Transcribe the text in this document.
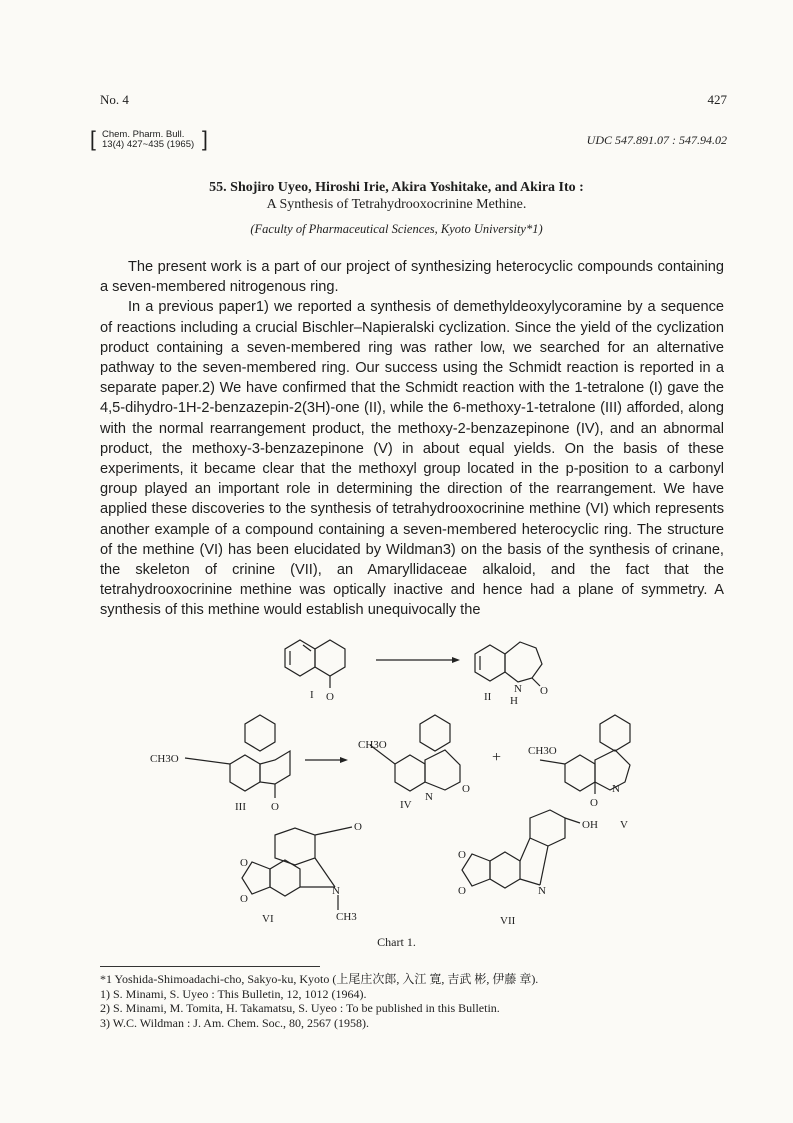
No. 4	427
[ Chem. Pharm. Bull.
13(4) 427~435 (1965) ]	UDC 547.891.07 : 547.94.02
55. Shojiro Uyeo, Hiroshi Irie, Akira Yoshitake, and Akira Ito :
A Synthesis of Tetrahydrooxocrinine Methine.
(Faculty of Pharmaceutical Sciences, Kyoto University*1)

The present work is a part of our project of synthesizing heterocyclic compounds containing a seven-membered nitrogenous ring.

In a previous paper1) we reported a synthesis of demethyldeoxylycoramine by a sequence of reactions including a crucial Bischler–Napieralski cyclization. Since the yield of the cyclization product containing a seven-membered ring was rather low, we searched for an alternative pathway to the seven-membered ring. Our success using the Schmidt reaction is reported in a separate paper.2) We have confirmed that the Schmidt reaction with the 1-tetralone (I) gave the 4,5-dihydro-1H-2-benzazepin-2(3H)-one (II), while the 6-methoxy-1-tetralone (III) afforded, along with the normal rearrangement product, the methoxy-2-benzazepinone (IV), and an abnormal product, the methoxy-3-benzazepinone (V) in about equal yields. On the basis of these experiments, it became clear that the methoxyl group located in the p-position to a carbonyl group played an important role in determining the direction of the rearrangement. We have applied these discoveries to the synthesis of tetrahydrooxocrinine methine (VI) which represents another example of a compound containing a seven-membered heterocyclic ring. The structure of the methine (VI) has been elucidated by Wildman3) on the basis of the synthesis of crinane, the skeleton of crinine (VII), an Amaryllidaceae alkaloid, and the fact that the tetrahydrooxocrinine methine was optically inactive and hence had a plane of symmetry. A synthesis of this methine would establish unequivocally the

O
I	N
H
O
II
CH3O
O
III
CH3O
N
O
IV
+ CH3O
N
O
V
O
N
CH3
O
O
VI
OH
N
O
O
VII
Chart 1.
*1 Yoshida-Shimoadachi-cho, Sakyo-ku, Kyoto (上尾庄次郎, 入江 寛, 吉武 彬, 伊藤 章).
1) S. Minami, S. Uyeo : This Bulletin, 12, 1012 (1964).
2) S. Minami, M. Tomita, H. Takamatsu, S. Uyeo : To be published in this Bulletin.
3) W.C. Wildman : J. Am. Chem. Soc., 80, 2567 (1958).
